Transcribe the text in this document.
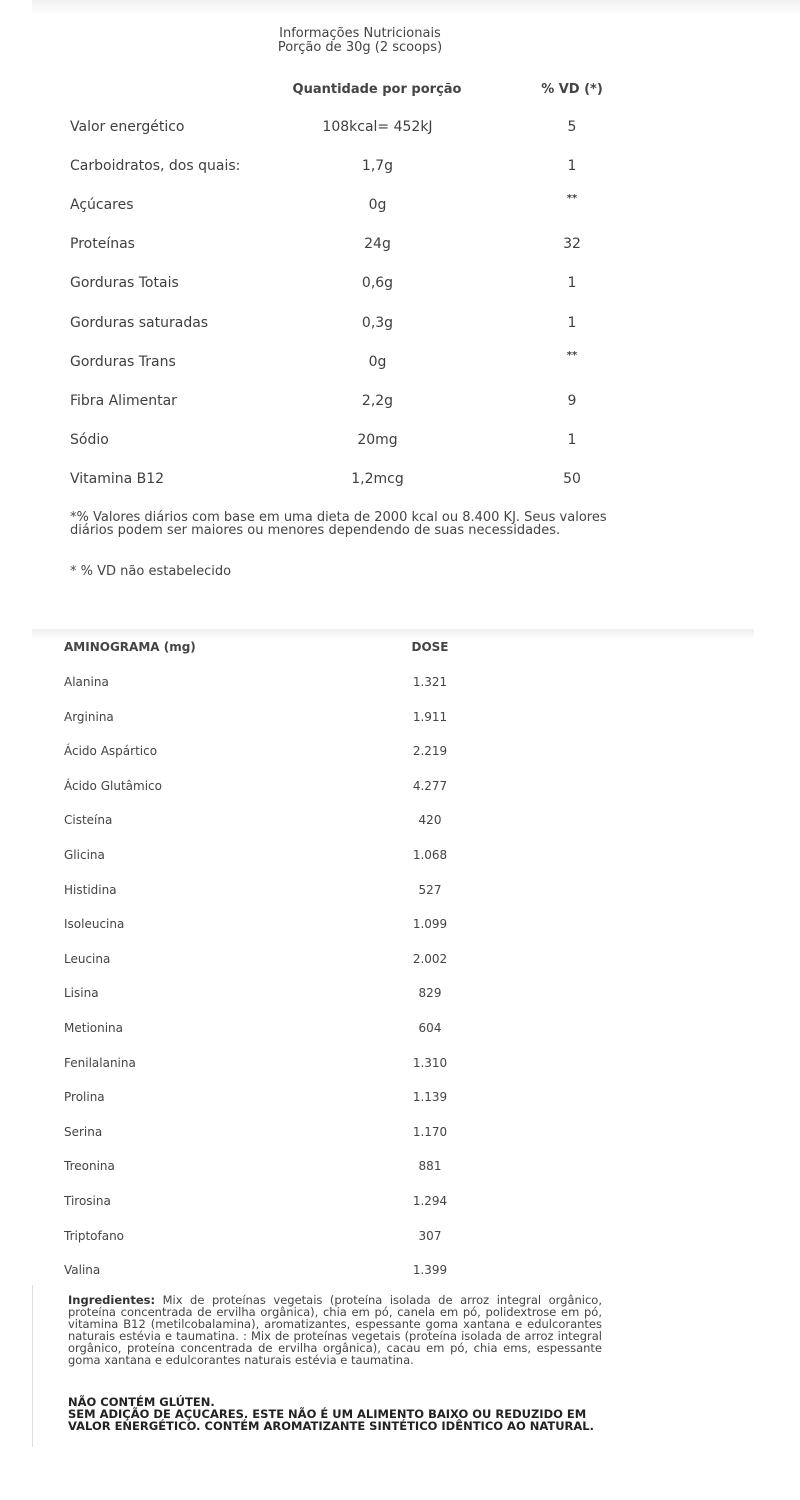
Informações Nutricionais
Porção de 30g (2 scoops)
Quantidade por porção	% VD (*)
Valor energético	108kcal= 452kJ	5
Carboidratos, dos quais:	1,7g	1
Açúcares	0g	**
Proteínas	24g	32
Gorduras Totais	0,6g	1
Gorduras saturadas	0,3g	1
Gorduras Trans	0g	**
Fibra Alimentar	2,2g	9
Sódio	20mg	1
Vitamina B12	1,2mcg	50
*% Valores diários com base em uma dieta de 2000 kcal ou 8.400 KJ. Seus valores diários podem ser maiores ou menores dependendo de suas necessidades.
* % VD não estabelecido
AMINOGRAMA (mg)	DOSE
Alanina	1.321
Arginina	1.911
Ácido Aspártico	2.219
Ácido Glutâmico	4.277
Cisteína	420
Glicina	1.068
Histidina	527
Isoleucina	1.099
Leucina	2.002
Lisina	829
Metionina	604
Fenilalanina	1.310
Prolina	1.139
Serina	1.170
Treonina	881
Tirosina	1.294
Triptofano	307
Valina	1.399
Ingredientes: Mix de proteínas vegetais (proteína isolada de arroz integral orgânico, proteína concentrada de ervilha orgânica), chia em pó, canela em pó, polidextrose em pó, vitamina B12 (metilcobalamina), aromatizantes, espessante goma xantana e edulcorantes naturais estévia e taumatina. : Mix de proteínas vegetais (proteína isolada de arroz integral orgânico, proteína concentrada de ervilha orgânica), cacau em pó, chia ems, espessante goma xantana e edulcorantes naturais estévia e taumatina.
NÃO CONTÉM GLÚTEN.
SEM ADIÇÃO DE AÇUCARES. ESTE NÃO É UM ALIMENTO BAIXO OU REDUZIDO EM VALOR ENERGÉTICO. CONTÉM AROMATIZANTE SINTÉTICO IDÊNTICO AO NATURAL.
